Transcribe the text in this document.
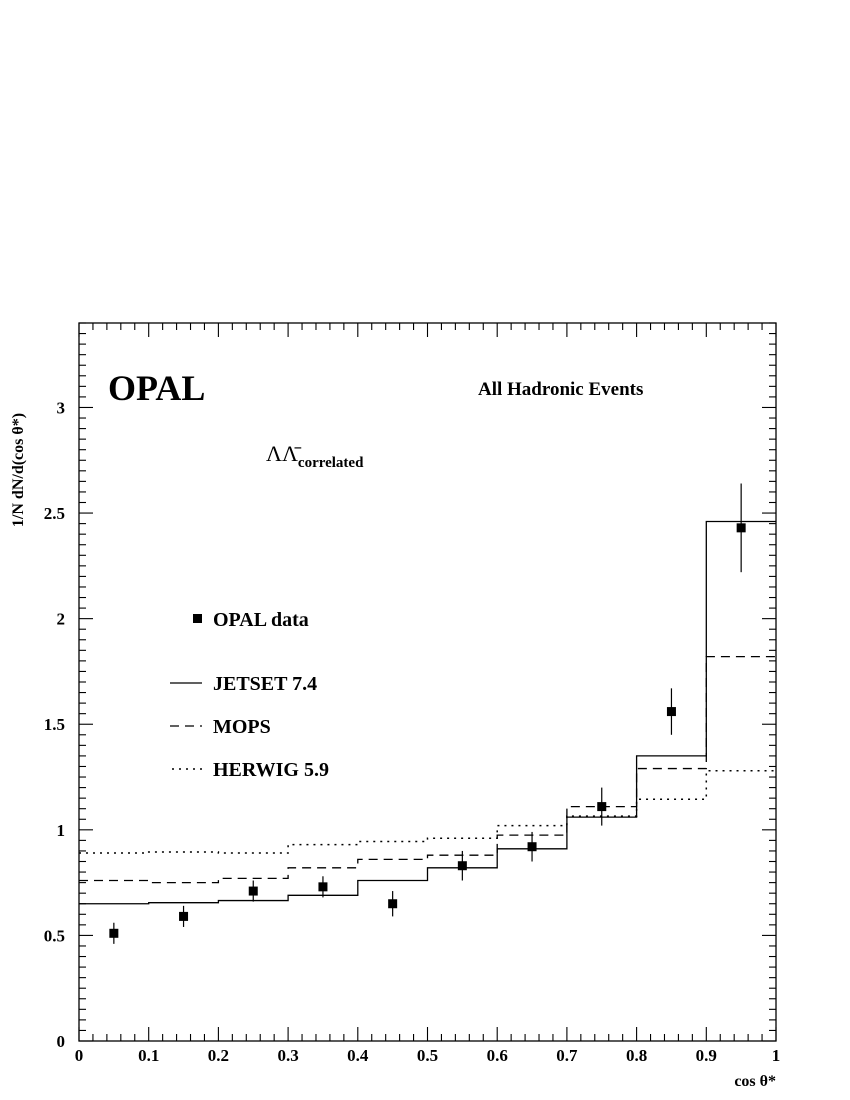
0	0.1	0.2	0.3	0.4	0.5	0.6	0.7	0.8	0.9	1
0
0.5
1
1.5
2
2.5
3 OPAL	All Hadronic Events
ΛΛ̄correlated
cos θ*
1/N dN/d(cos θ*)
OPAL data
JETSET 7.4
MOPS
HERWIG 5.9
